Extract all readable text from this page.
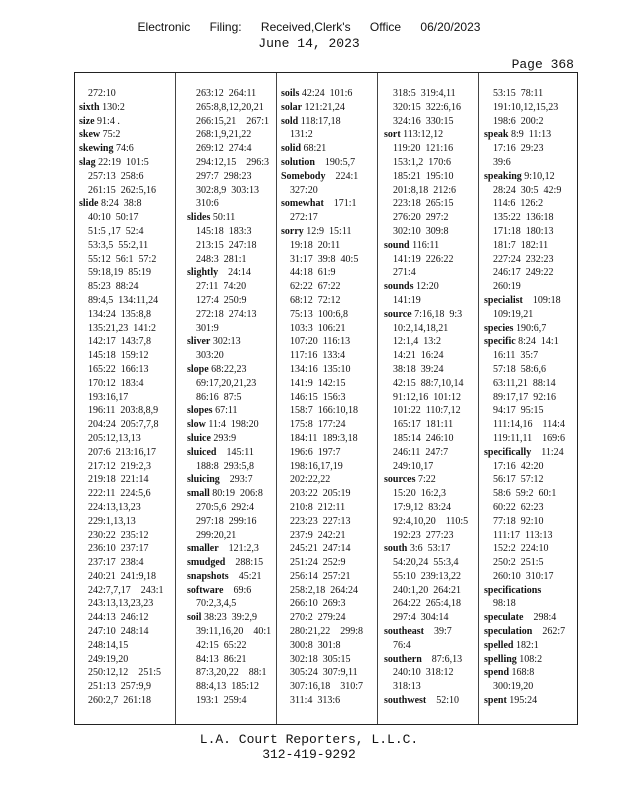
Electronic Filing: Received,Clerk's Office 06/20/2023
June 14, 2023
Page 368
272:10
sixth 130:2
size 91:4 .
skew 75:2
skewing 74:6
slag 22:19  101:5
257:13  258:6
261:15  262:5,16
slide 8:24  38:8
40:10  50:17
51:5 ,17  52:4
53:3,5  55:2,11
55:12  56:1  57:2
59:18,19  85:19
85:23  88:24
89:4,5  134:11,24
134:24  135:8,8
135:21,23  141:2
142:17  143:7,8
145:18  159:12
165:22  166:13
170:12  183:4
193:16,17
196:11  203:8,8,9
204:24  205:7,7,8
205:12,13,13
207:6  213:16,17
217:12  219:2,3
219:18  221:14
222:11  224:5,6
224:13,13,23
229:1,13,13
230:22  235:12
236:10  237:17
237:17  238:4
240:21  241:9,18
242:7,7,17    243:1
243:13,13,23,23
244:13  246:12
247:10  248:14
248:14,15
249:19,20
250:12,12    251:5
251:13  257:9,9
260:2,7  261:18
263:12  264:11
265:8,8,12,20,21
266:15,21    267:1
268:1,9,21,22
269:12  274:4
294:12,15    296:3
297:7  298:23
302:8,9  303:13
310:6
slides 50:11
145:18  183:3
213:15  247:18
248:3  281:1
slightly    24:14
27:11  74:20
127:4  250:9
272:18  274:13
301:9
sliver 302:13
303:20
slope 68:22,23
69:17,20,21,23
86:16  87:5
slopes 67:11
slow 11:4  198:20
sluice 293:9
sluiced    145:11
188:8  293:5,8
sluicing    293:7
small 80:19  206:8
270:5,6  292:4
297:18  299:16
299:20,21
smaller    121:2,3
smudged    288:15
snapshots    45:21
software    69:6
70:2,3,4,5
soil 38:23  39:2,9
39:11,16,20    40:1
42:15  65:22
84:13  86:21
87:3,20,22    88:1
88:4,13  185:12
193:1  259:4
soils 42:24  101:6
solar 121:21,24
sold 118:17,18
131:2
solid 68:21
solution    190:5,7
Somebody    224:1
327:20
somewhat    171:1
272:17
sorry 12:9  15:11
19:18  20:11
31:17  39:8  40:5
44:18  61:9
62:22  67:22
68:12  72:12
75:13  100:6,8
103:3  106:21
107:20  116:13
117:16  133:4
134:16  135:10
141:9  142:15
146:15  156:3
158:7  166:10,18
175:8  177:24
184:11  189:3,18
196:6  197:7
198:16,17,19
202:22,22
203:22  205:19
210:8  212:11
223:23  227:13
237:9  242:21
245:21  247:14
251:24  252:9
256:14  257:21
258:2,18  264:24
266:10  269:3
270:2  279:24
280:21,22    299:8
300:8  301:8
302:18  305:15
305:24  307:9,11
307:16,18    310:7
311:4  313:6
318:5  319:4,11
320:15  322:6,16
324:16  330:15
sort 113:12,12
119:20  121:16
153:1,2  170:6
185:21  195:10
201:8,18  212:6
223:18  265:15
276:20  297:2
302:10  309:8
sound 116:11
141:19  226:22
271:4
sounds 12:20
141:19
source 7:16,18  9:3
10:2,14,18,21
12:1,4  13:2
14:21  16:24
38:18  39:24
42:15  88:7,10,14
91:12,16  101:12
101:22  110:7,12
165:17  181:11
185:14  246:10
246:11  247:7
249:10,17
sources 7:22
15:20  16:2,3
17:9,12  83:24
92:4,10,20    110:5
192:23  277:23
south 3:6  53:17
54:20,24  55:3,4
55:10  239:13,22
240:1,20  264:21
264:22  265:4,18
297:4  304:14
southeast    39:7
76:4
southern    87:6,13
240:10  318:12
318:13
southwest    52:10
53:15  78:11
191:10,12,15,23
198:6  200:2
speak 8:9  11:13
17:16  29:23
39:6
speaking 9:10,12
28:24  30:5  42:9
114:6  126:2
135:22  136:18
171:18  180:13
181:7  182:11
227:24  232:23
246:17  249:22
260:19
specialist    109:18
109:19,21
species 190:6,7
specific 8:24  14:1
16:11  35:7
57:18  58:6,6
63:11,21  88:14
89:17,17  92:16
94:17  95:15
111:14,16    114:4
119:11,11    169:6
specifically    11:24
17:16  42:20
56:17  57:12
58:6  59:2  60:1
60:22  62:23
77:18  92:10
111:17  113:13
152:2  224:10
250:2  251:5
260:10  310:17
specifications
98:18
speculate    298:4
speculation    262:7
spelled 182:1
spelling 108:2
spend 168:8
300:19,20
spent 195:24
L.A. Court Reporters, L.L.C.
312-419-9292
